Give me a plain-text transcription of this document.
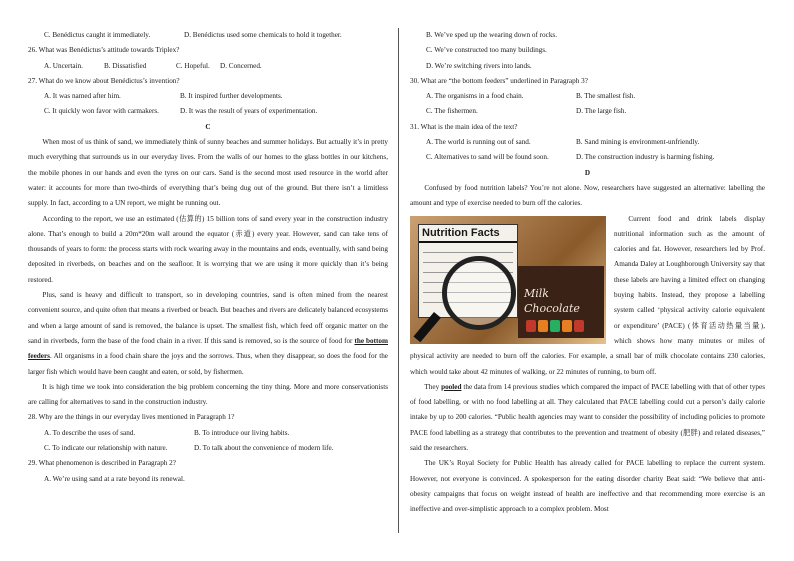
C. Benédictus caught it immediately.	D. Benédictus used some chemicals to hold it together.
26. What was Benédictus’s attitude towards Triplex?
A. Uncertain.	B. Dissatisfied	C. Hopeful.	D. Concerned.
27. What do we know about Benédictus’s invention?
A. It was named after him.	B. It inspired further developments.
C. It quickly won favor with carmakers.	D. It was the result of years of experimentation.
C

When most of us think of sand, we immediately think of sunny beaches and summer holidays. But actually it’s in pretty much everything that surrounds us in our everyday lives. From the walls of our homes to the glass bottles in our kitchens, the mobile phones in our hands and even the tyres on our cars. Sand is the second most used resource in the world after water: it accounts for more than two-thirds of everything that’s being dug out of the ground. But there isn’t a limitless supply. In fact, according to a UN report, we might be running out.

According to the report, we use an estimated (估算的) 15 billion tons of sand every year in the construction industry alone. That’s enough to build a 20m*20m wall around the equator (赤道) every year. However, sand can take tens of thousands of years to form: the process starts with rock wearing away in the mountains and ends, eventually, with sand being deposited in riverbeds, on beaches and on the seafloor. It is worrying that we are using it more quickly than it’s being restored.

Plus, sand is heavy and difficult to transport, so in developing countries, sand is often mined from the nearest convenient source, and quite often that means a riverbed or beach. But beaches and rivers are delicately balanced ecosystems and when a large amount of sand is removed, the balance is upset. The smallest fish, which feed off organic matter on the sand in riverbeds, form the base of the food chain in a river. If this sand is removed, so is the source of food for the bottom feeders. All organisms in a food chain share the joys and the sorrows. Thus, when they disappear, so does the food for the larger fish which would have been caught and eaten, or sold, by fishermen.

It is high time we took into consideration the big problem concerning the tiny thing. More and more conservationists are calling for alternatives to sand in the construction industry.

28. Why are the things in our everyday lives mentioned in Paragraph 1?
A. To describe the uses of sand.	B. To introduce our living habits.
C. To indicate our relationship with nature.	D. To talk about the convenience of modern life.
29. What phenomenon is described in Paragraph 2?
A. We’re using sand at a rate beyond its renewal.
B. We’ve sped up the wearing down of rocks.
C. We’ve constructed too many buildings.
D. We’re switching rivers into lands.
30. What are “the bottom feeders” underlined in Paragraph 3?
A. The organisms in a food chain.	B. The smallest fish.
C. The fishermen.	D. The large fish.
31. What is the main idea of the text?
A. The world is running out of sand.	B. Sand mining is environment-unfriendly.
C. Alternatives to sand will be found soon.	D. The construction industry is harming fishing.
D

Confused by food nutrition labels? You’re not alone. Now, researchers have suggested an alternative: labelling the amount and type of exercise needed to burn off the calories.

Nutrition Facts
Milk Chocolate

Current food and drink labels display nutritional information such as the amount of calories and fat. However, researchers led by Prof. Amanda Daley at Loughborough University say that these labels are having a limited effect on changing buying habits. Instead, they propose a labelling system called ‘physical activity calorie equivalent or expenditure’ (PACE) (体育活动热量当量), which shows how many minutes or miles of physical activity are needed to burn off the calories. For example, a small bar of milk chocolate contains 230 calories, which would take about 42 minutes of walking, or 22 minutes of running, to burn off.

They pooled the data from 14 previous studies which compared the impact of PACE labelling with that of other types of food labelling, or with no food labelling at all. They calculated that PACE labelling could cut a person’s daily calorie intake by up to 200 calories. “Public health agencies may want to consider the possibility of including policies to promote PACE food labelling as a strategy that contributes to the prevention and treatment of obesity (肥胖) and related diseases,” said the researchers.

The UK’s Royal Society for Public Health has already called for PACE labelling to replace the current system. However, not everyone is convinced. A spokesperson for the eating disorder charity Beat said: “We believe that anti-obesity campaigns that focus on weight instead of health are ineffective and that recommending more exercise is an ineffective and over-simplistic approach to a complex problem. Most
